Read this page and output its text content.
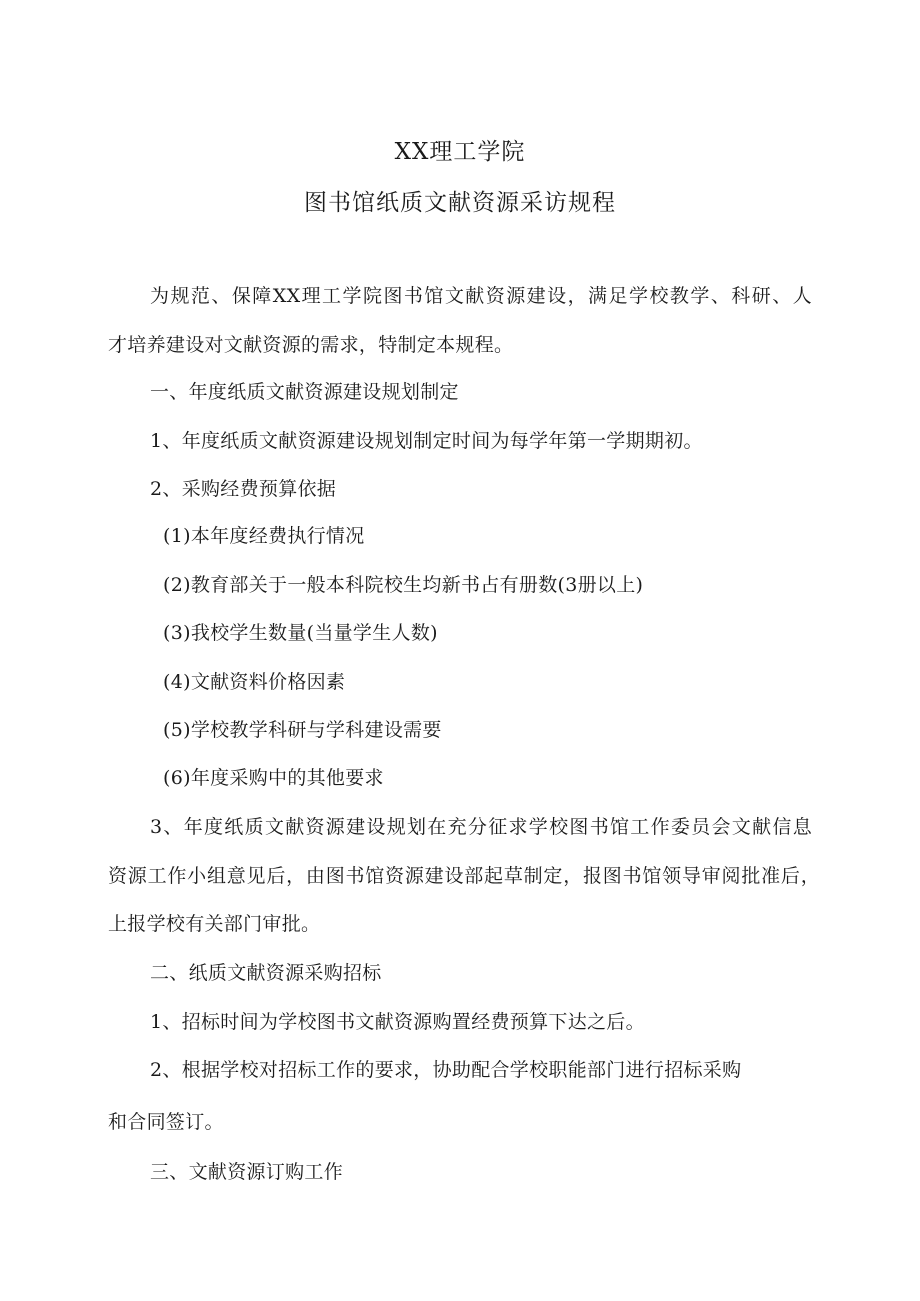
XX理工学院
图书馆纸质文献资源采访规程
为规范、保障XX理工学院图书馆文献资源建设，满足学校教学、科研、人
才培养建设对文献资源的需求，特制定本规程。
一、年度纸质文献资源建设规划制定
1、年度纸质文献资源建设规划制定时间为每学年第一学期期初。
2、采购经费预算依据
(1)本年度经费执行情况
(2)教育部关于一般本科院校生均新书占有册数(3册以上)
(3)我校学生数量(当量学生人数)
(4)文献资料价格因素
(5)学校教学科研与学科建设需要
(6)年度采购中的其他要求
3、年度纸质文献资源建设规划在充分征求学校图书馆工作委员会文献信息
资源工作小组意见后，由图书馆资源建设部起草制定，报图书馆领导审阅批准后，
上报学校有关部门审批。
二、纸质文献资源采购招标
1、招标时间为学校图书文献资源购置经费预算下达之后。
2、根据学校对招标工作的要求，协助配合学校职能部门进行招标采购
和合同签订。
三、文献资源订购工作
